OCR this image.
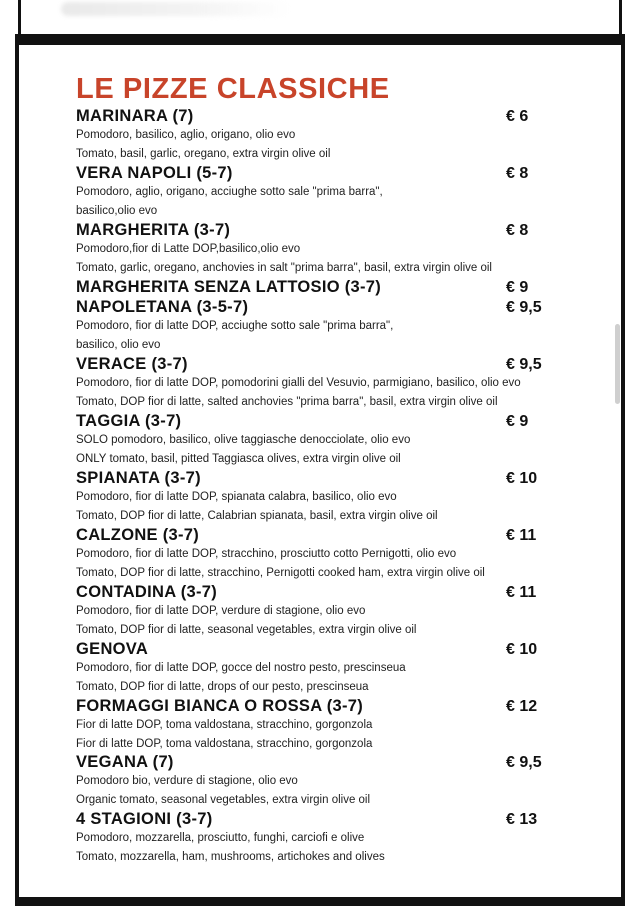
LE PIZZE CLASSICHE
MARINARA (7)	€ 6
Pomodoro, basilico, aglio, origano, olio evo
Tomato, basil, garlic, oregano, extra virgin olive oil
VERA NAPOLI (5-7)	€ 8
Pomodoro, aglio, origano, acciughe sotto sale "prima barra",
basilico,olio evo
MARGHERITA (3-7)	€ 8
Pomodoro,fior di Latte DOP,basilico,olio evo
Tomato, garlic, oregano, anchovies in salt "prima barra", basil, extra virgin olive oil
MARGHERITA SENZA LATTOSIO (3-7)	€ 9
NAPOLETANA (3-5-7)	€ 9,5
Pomodoro, fior di latte DOP, acciughe sotto sale "prima barra",
basilico, olio evo
VERACE (3-7)	€ 9,5
Pomodoro, fior di latte DOP, pomodorini gialli del Vesuvio, parmigiano, basilico, olio evo
Tomato, DOP fior di latte, salted anchovies "prima barra", basil, extra virgin olive oil
TAGGIA (3-7)	€ 9
SOLO pomodoro, basilico, olive taggiasche denocciolate, olio evo
ONLY tomato, basil, pitted Taggiasca olives, extra virgin olive oil
SPIANATA (3-7)	€ 10
Pomodoro, fior di latte DOP, spianata calabra, basilico, olio evo
Tomato, DOP fior di latte, Calabrian spianata, basil, extra virgin olive oil
CALZONE (3-7)	€ 11
Pomodoro, fior di latte DOP, stracchino, prosciutto cotto Pernigotti, olio evo
Tomato, DOP fior di latte, stracchino, Pernigotti cooked ham, extra virgin olive oil
CONTADINA (3-7)	€ 11
Pomodoro, fior di latte DOP, verdure di stagione, olio evo
Tomato, DOP fior di latte, seasonal vegetables, extra virgin olive oil
GENOVA	€ 10
Pomodoro, fior di latte DOP, gocce del nostro pesto, prescinseua
Tomato, DOP fior di latte, drops of our pesto, prescinseua
FORMAGGI BIANCA O ROSSA (3-7)	€ 12
Fior di latte DOP, toma valdostana, stracchino, gorgonzola
Fior di latte DOP, toma valdostana, stracchino, gorgonzola
VEGANA (7)	€ 9,5
Pomodoro bio, verdure di stagione, olio evo
Organic tomato, seasonal vegetables, extra virgin olive oil
4 STAGIONI (3-7)	€ 13
Pomodoro, mozzarella, prosciutto, funghi, carciofi e olive
Tomato, mozzarella, ham, mushrooms, artichokes and olives
